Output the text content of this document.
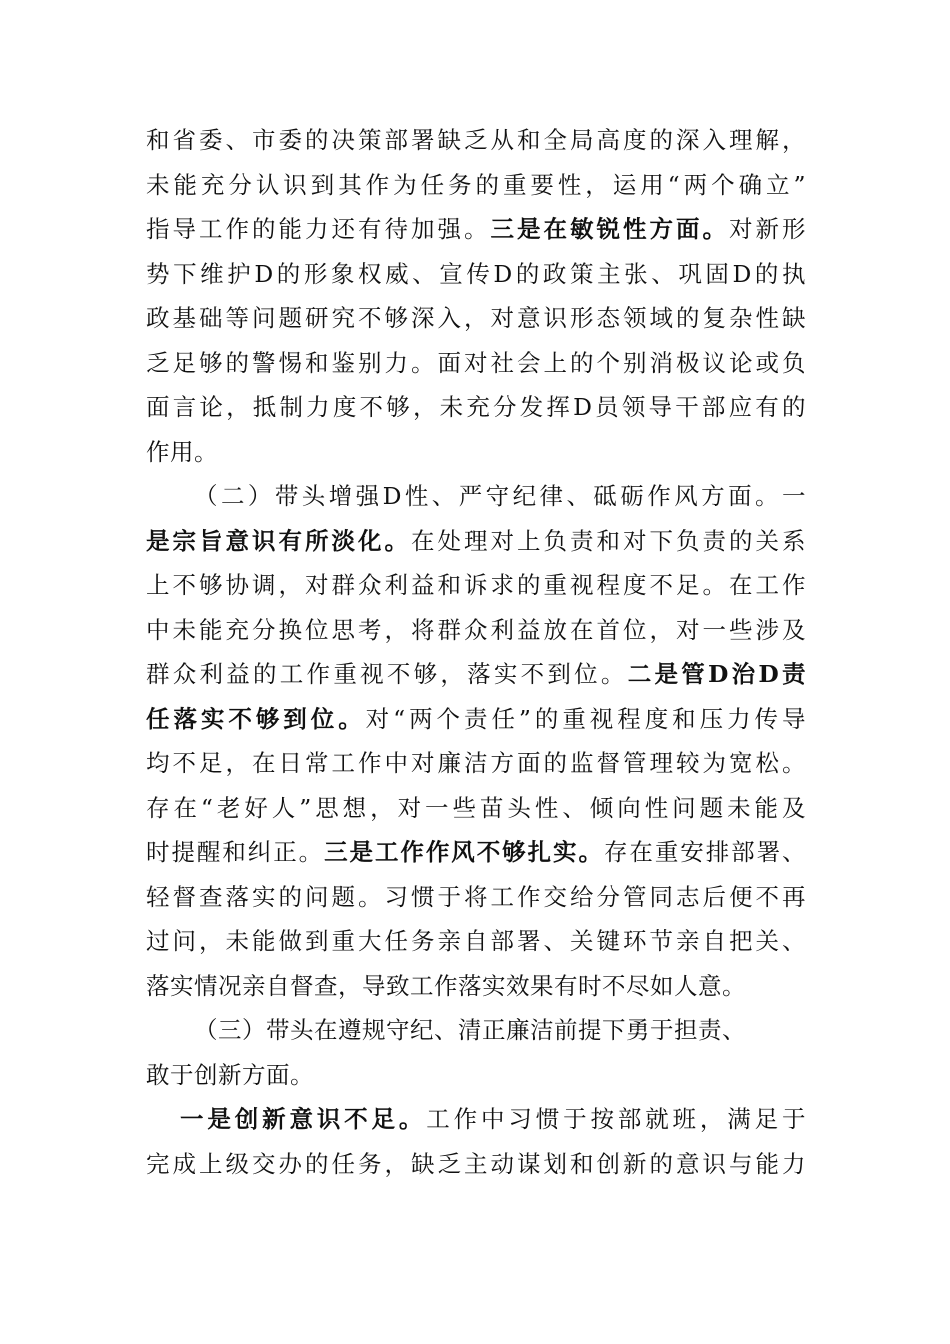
和省委、市委的决策部署缺乏从和全局高度的深入理解，
未能充分认识到其作为任务的重要性，运用“两个确立”
指导工作的能力还有待加强。三是在敏锐性方面。对新形
势下维护D的形象权威、宣传D的政策主张、巩固D的执
政基础等问题研究不够深入，对意识形态领域的复杂性缺
乏足够的警惕和鉴别力。面对社会上的个别消极议论或负
面言论，抵制力度不够，未充分发挥D员领导干部应有的
作用。
（二）带头增强D性、严守纪律、砥砺作风方面。一
是宗旨意识有所淡化。在处理对上负责和对下负责的关系
上不够协调，对群众利益和诉求的重视程度不足。在工作
中未能充分换位思考，将群众利益放在首位，对一些涉及
群众利益的工作重视不够，落实不到位。二是管D治D责
任落实不够到位。对“两个责任”的重视程度和压力传导
均不足，在日常工作中对廉洁方面的监督管理较为宽松。
存在“老好人”思想，对一些苗头性、倾向性问题未能及
时提醒和纠正。三是工作作风不够扎实。存在重安排部署、
轻督查落实的问题。习惯于将工作交给分管同志后便不再
过问，未能做到重大任务亲自部署、关键环节亲自把关、
落实情况亲自督查，导致工作落实效果有时不尽如人意。
（三）带头在遵规守纪、清正廉洁前提下勇于担责、
敢于创新方面。
一是创新意识不足。工作中习惯于按部就班，满足于
完成上级交办的任务，缺乏主动谋划和创新的意识与能力
